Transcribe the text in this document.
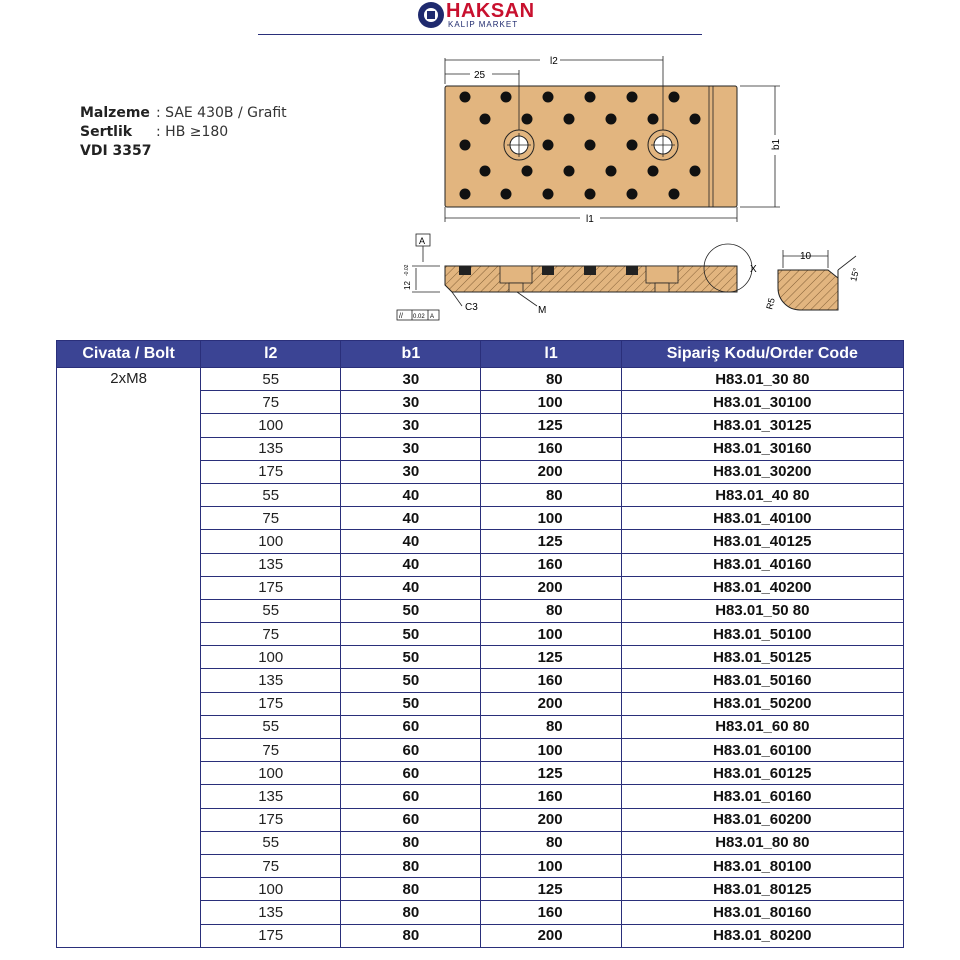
HAKSAN
KALIP MARKET
Malzeme : SAE 430B / Grafit
Sertlik	: HB ≥180
VDI 3357
l2
25
l1
b1
A
12
-0.02
// 0.02 A
C3	M
X
10
15°
R5
Civata / Bolt	l2	b1	l1	Sipariş Kodu/Order Code
2xM8	55	30	80	H83.01_30 80
	75	30	100	H83.01_30100
	100	30	125	H83.01_30125
	135	30	160	H83.01_30160
	175	30	200	H83.01_30200
	55	40	80	H83.01_40 80
	75	40	100	H83.01_40100
	100	40	125	H83.01_40125
	135	40	160	H83.01_40160
	175	40	200	H83.01_40200
	55	50	80	H83.01_50 80
	75	50	100	H83.01_50100
	100	50	125	H83.01_50125
	135	50	160	H83.01_50160
	175	50	200	H83.01_50200
	55	60	80	H83.01_60 80
	75	60	100	H83.01_60100
	100	60	125	H83.01_60125
	135	60	160	H83.01_60160
	175	60	200	H83.01_60200
	55	80	80	H83.01_80 80
	75	80	100	H83.01_80100
	100	80	125	H83.01_80125
	135	80	160	H83.01_80160
	175	80	200	H83.01_80200
